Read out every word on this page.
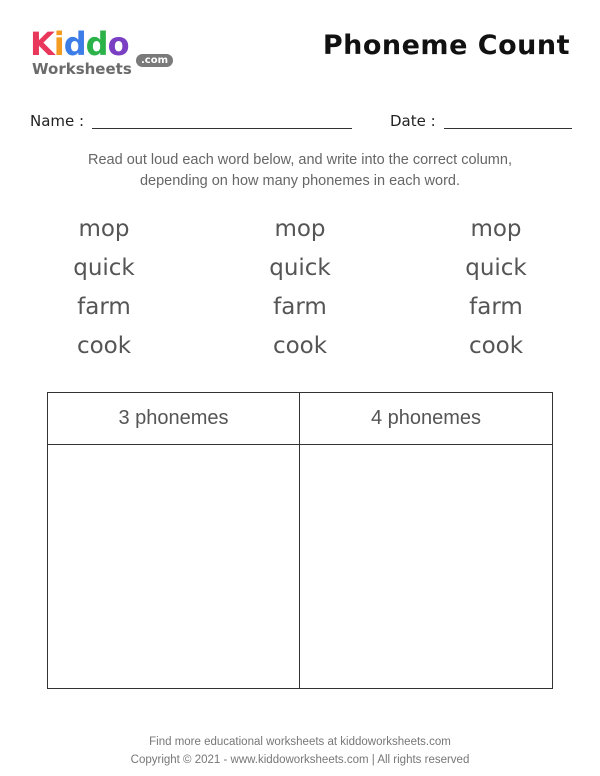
Kiddo
Worksheets .com	Phoneme Count
Name :	Date :
Read out loud each word below, and write into the correct column,
depending on how many phonemes in each word.
mop
quick
farm
cook
mop
quick
farm
cook
mop
quick
farm
cook
3 phonemes	4 phonemes
Find more educational worksheets at kiddoworksheets.com
Copyright © 2021 - www.kiddoworksheets.com | All rights reserved
